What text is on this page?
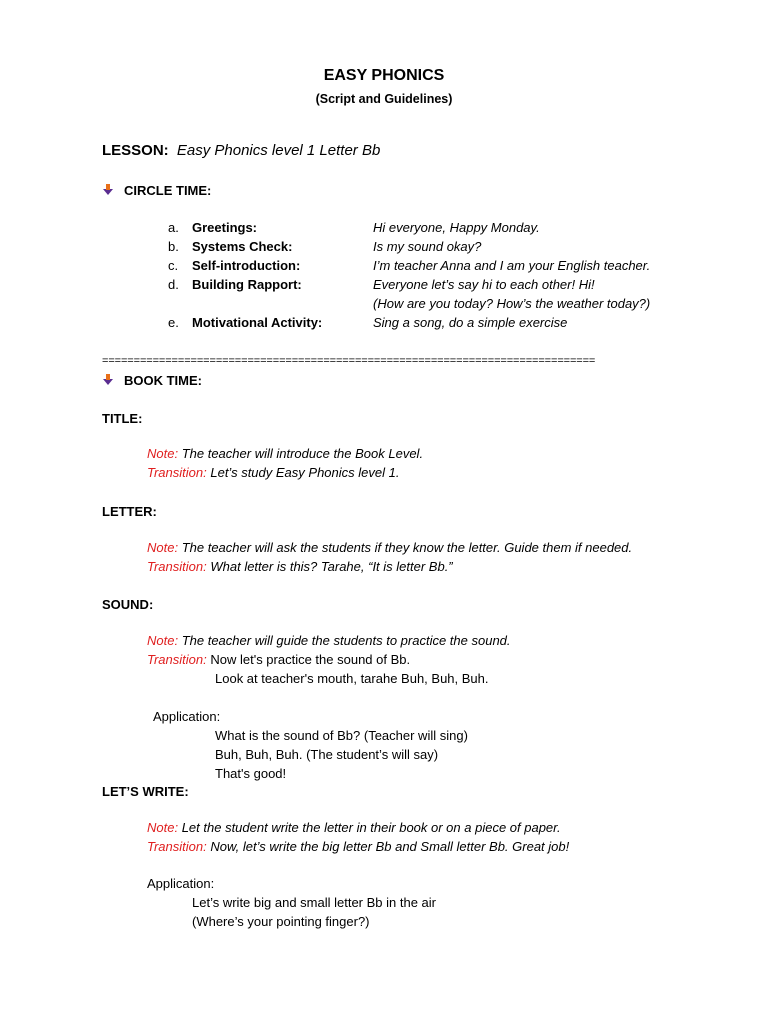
EASY PHONICS
(Script and Guidelines)
LESSON: Easy Phonics level 1 Letter Bb
CIRCLE TIME:
a. Greetings:	Hi everyone, Happy Monday.
b. Systems Check:	Is my sound okay?
c. Self-introduction:	I’m teacher Anna and I am your English teacher.
d. Building Rapport:	Everyone let’s say hi to each other! Hi!
(How are you today? How’s the weather today?)
e. Motivational Activity:	Sing a song, do a simple exercise
==============================================================================
BOOK TIME:
TITLE:
Note: The teacher will introduce the Book Level.
Transition: Let’s study Easy Phonics level 1.
LETTER:
Note: The teacher will ask the students if they know the letter. Guide them if needed.
Transition: What letter is this? Tarahe, “It is letter Bb.”
SOUND:
Note: The teacher will guide the students to practice the sound.
Transition: Now let's practice the sound of Bb.
Look at teacher's mouth, tarahe Buh, Buh, Buh.
Application:
What is the sound of Bb? (Teacher will sing)
Buh, Buh, Buh. (The student’s will say)
That's good!
LET’S WRITE:
Note: Let the student write the letter in their book or on a piece of paper.
Transition: Now, let’s write the big letter Bb and Small letter Bb. Great job!
Application:
Let’s write big and small letter Bb in the air
(Where’s your pointing finger?)
